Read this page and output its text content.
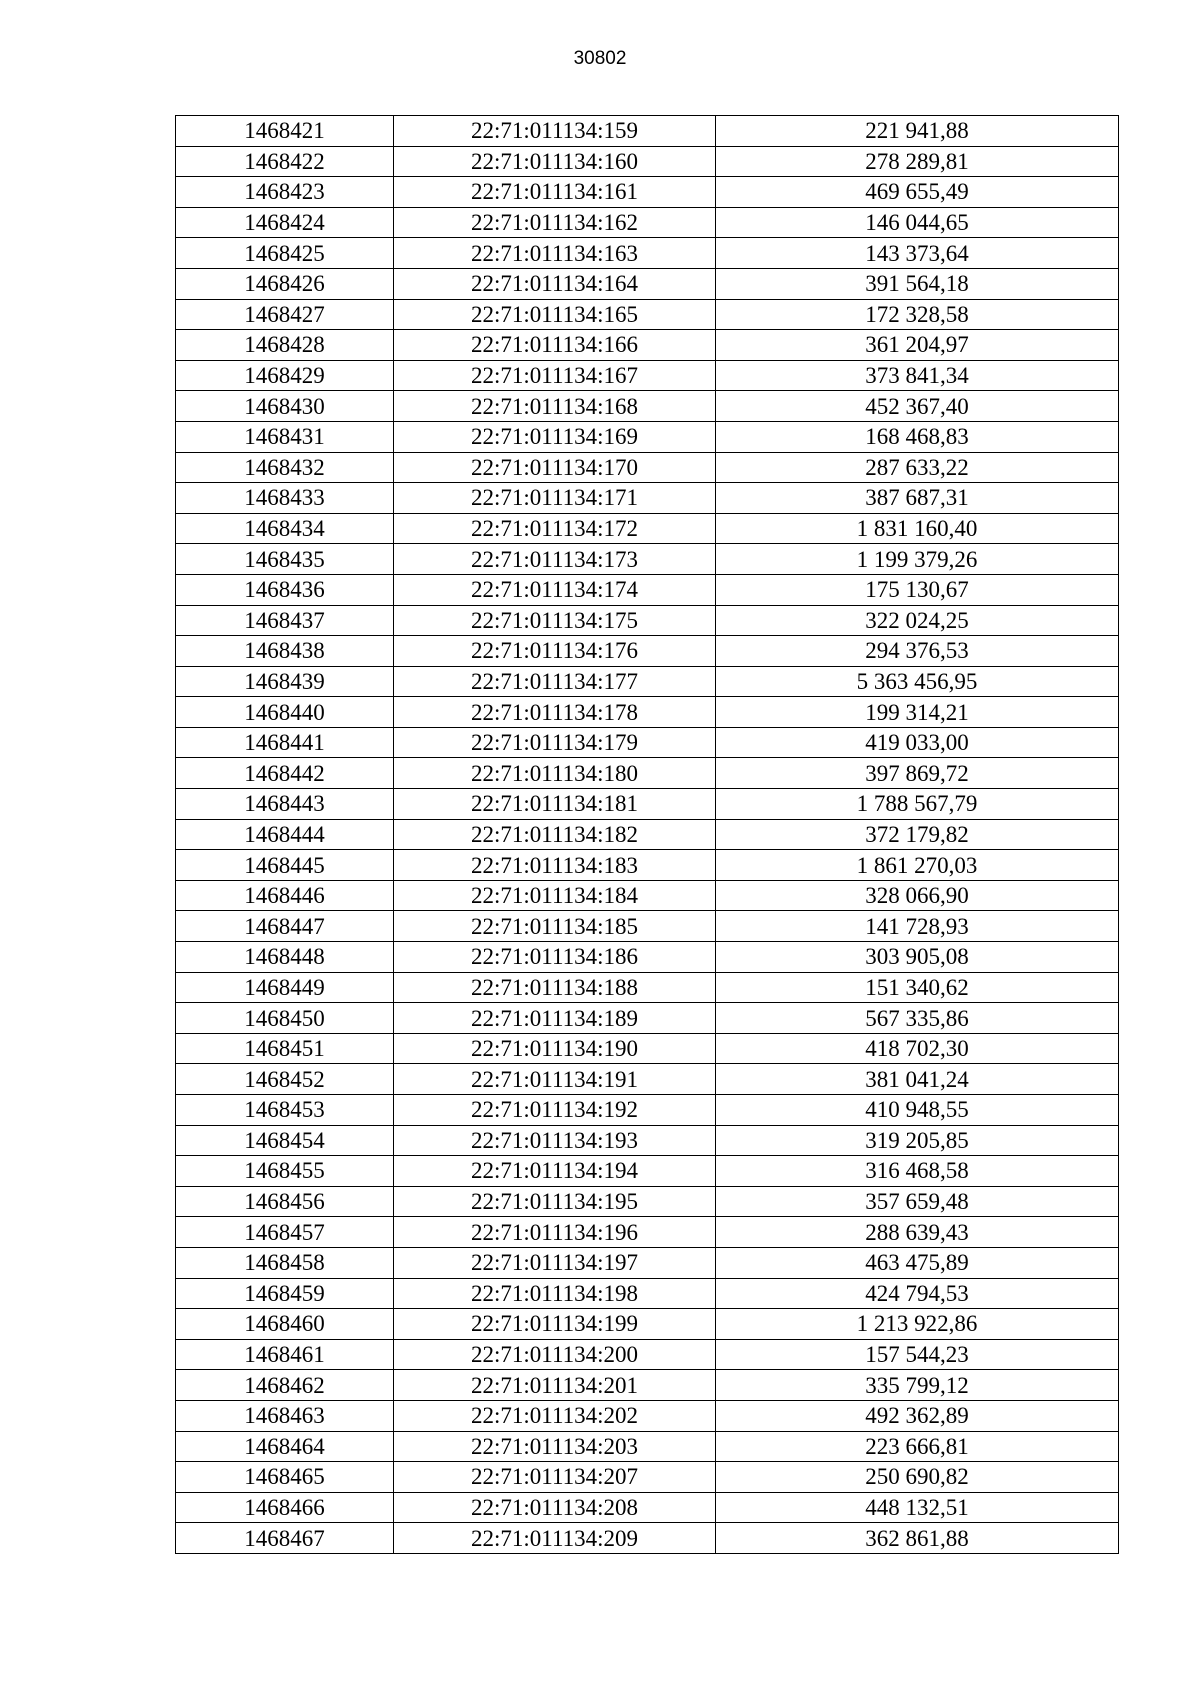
30802
1468421	22:71:011134:159	221 941,88
1468422	22:71:011134:160	278 289,81
1468423	22:71:011134:161	469 655,49
1468424	22:71:011134:162	146 044,65
1468425	22:71:011134:163	143 373,64
1468426	22:71:011134:164	391 564,18
1468427	22:71:011134:165	172 328,58
1468428	22:71:011134:166	361 204,97
1468429	22:71:011134:167	373 841,34
1468430	22:71:011134:168	452 367,40
1468431	22:71:011134:169	168 468,83
1468432	22:71:011134:170	287 633,22
1468433	22:71:011134:171	387 687,31
1468434	22:71:011134:172	1 831 160,40
1468435	22:71:011134:173	1 199 379,26
1468436	22:71:011134:174	175 130,67
1468437	22:71:011134:175	322 024,25
1468438	22:71:011134:176	294 376,53
1468439	22:71:011134:177	5 363 456,95
1468440	22:71:011134:178	199 314,21
1468441	22:71:011134:179	419 033,00
1468442	22:71:011134:180	397 869,72
1468443	22:71:011134:181	1 788 567,79
1468444	22:71:011134:182	372 179,82
1468445	22:71:011134:183	1 861 270,03
1468446	22:71:011134:184	328 066,90
1468447	22:71:011134:185	141 728,93
1468448	22:71:011134:186	303 905,08
1468449	22:71:011134:188	151 340,62
1468450	22:71:011134:189	567 335,86
1468451	22:71:011134:190	418 702,30
1468452	22:71:011134:191	381 041,24
1468453	22:71:011134:192	410 948,55
1468454	22:71:011134:193	319 205,85
1468455	22:71:011134:194	316 468,58
1468456	22:71:011134:195	357 659,48
1468457	22:71:011134:196	288 639,43
1468458	22:71:011134:197	463 475,89
1468459	22:71:011134:198	424 794,53
1468460	22:71:011134:199	1 213 922,86
1468461	22:71:011134:200	157 544,23
1468462	22:71:011134:201	335 799,12
1468463	22:71:011134:202	492 362,89
1468464	22:71:011134:203	223 666,81
1468465	22:71:011134:207	250 690,82
1468466	22:71:011134:208	448 132,51
1468467	22:71:011134:209	362 861,88
